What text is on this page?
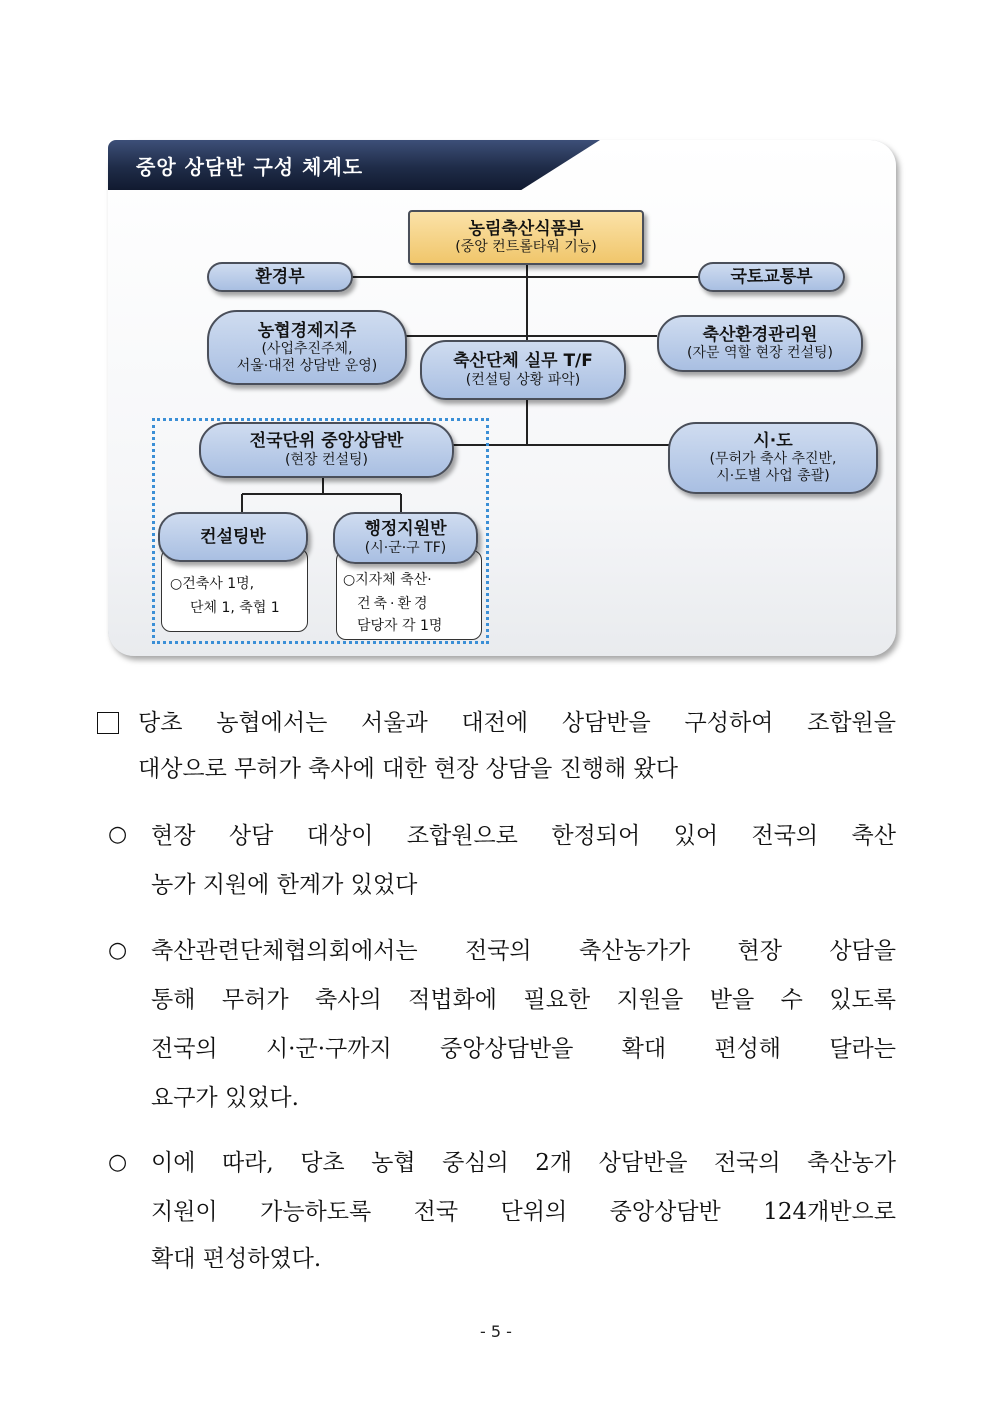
중앙 상담반 구성 체계도
농림축산식품부
(중앙 컨트롤타워 기능)
환경부	국토교통부
농협경제지주
(사업추진주체,
서울·대전 상담반 운영)
축산환경관리원
(자문 역할 현장 컨설팅)
축산단체 실무 T/F
(컨설팅 상황 파악)
전국단위 중앙상담반
(현장 컨설팅)
시·도
(무허가 축사 추진반,
시·도별 사업 총괄)
○건축사 1명,
단체 1, 축협 1
컨설팅반
○지자체 축산·
건축·환경
담당자 각 1명
행정지원반
(시·군·구 TF)
당초 농협에서는 서울과 대전에 상담반을 구성하여 조합원을
대상으로 무허가 축사에 대한 현장 상담을 진행해 왔다
○ 현장 상담 대상이 조합원으로 한정되어 있어 전국의 축산
농가 지원에 한계가 있었다
○ 축산관련단체협의회에서는 전국의 축산농가가 현장 상담을
통해 무허가 축사의 적법화에 필요한 지원을 받을 수 있도록
전국의 시·군·구까지 중앙상담반을 확대 편성해 달라는
요구가 있었다.
○ 이에 따라, 당초 농협 중심의 2개 상담반을 전국의 축산농가
지원이 가능하도록 전국 단위의 중앙상담반 124개반으로
확대 편성하였다.
- 5 -
